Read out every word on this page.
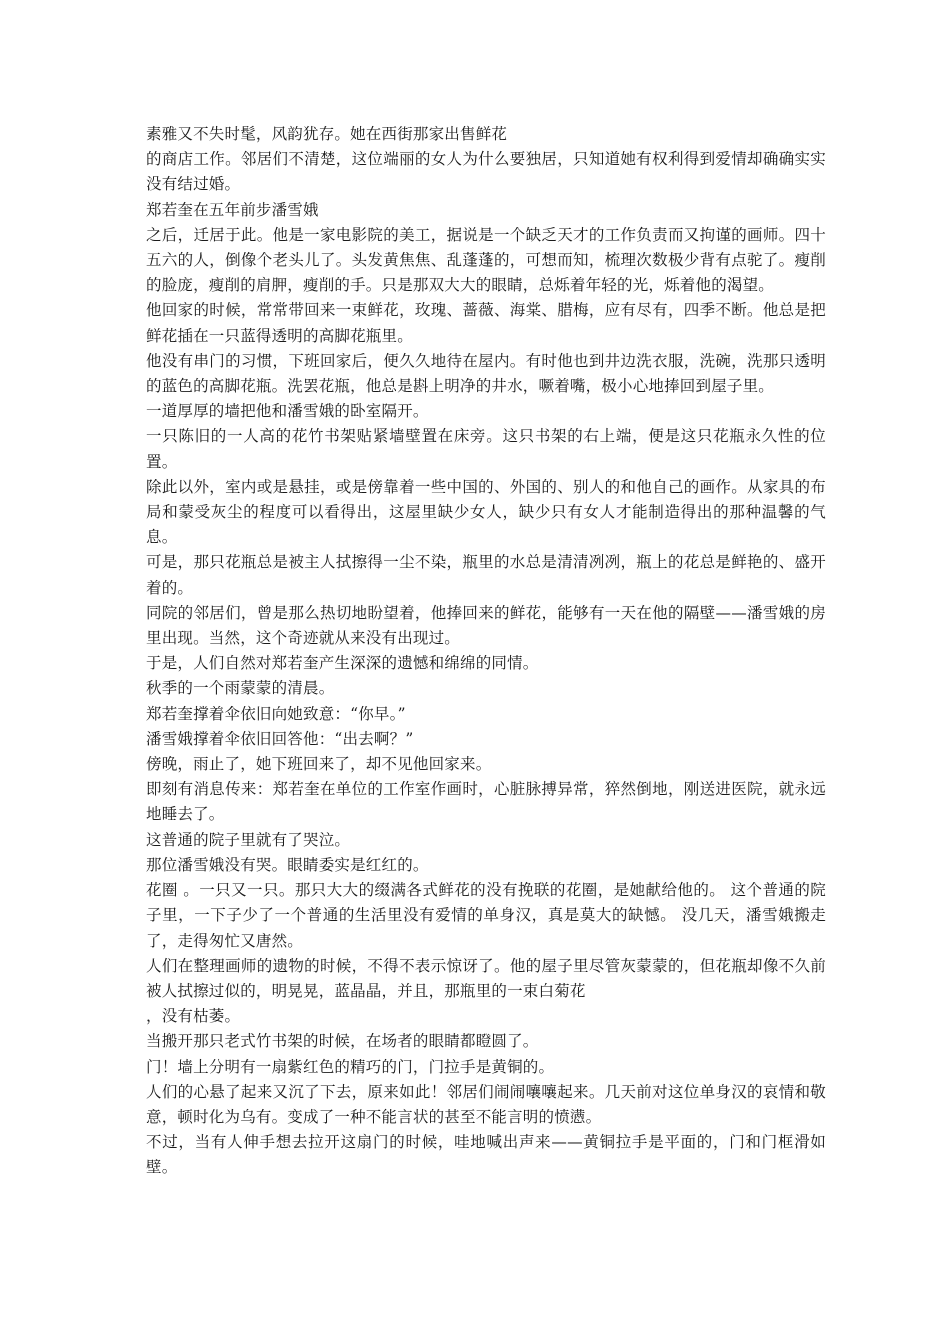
素雅又不失时髦，风韵犹存。她在西街那家出售鲜花

的商店工作。邻居们不清楚，这位端丽的女人为什么要独居，只知道她有权利得到爱情却确确实实没有结过婚。

郑若奎在五年前步潘雪娥

之后，迁居于此。他是一家电影院的美工，据说是一个缺乏天才的工作负责而又拘谨的画师。四十五六的人，倒像个老头儿了。头发黄焦焦、乱蓬蓬的，可想而知，梳理次数极少背有点驼了。瘦削的脸庞，瘦削的肩胛，瘦削的手。只是那双大大的眼睛，总烁着年轻的光，烁着他的渴望。

他回家的时候，常常带回来一束鲜花，玫瑰、蔷薇、海棠、腊梅，应有尽有，四季不断。他总是把鲜花插在一只蓝得透明的高脚花瓶里。

他没有串门的习惯，下班回家后，便久久地待在屋内。有时他也到井边洗衣服，洗碗，洗那只透明的蓝色的高脚花瓶。洗罢花瓶，他总是斟上明净的井水，噘着嘴，极小心地捧回到屋子里。

一道厚厚的墙把他和潘雪娥的卧室隔开。

一只陈旧的一人高的花竹书架贴紧墙壁置在床旁。这只书架的右上端，便是这只花瓶永久性的位置。

除此以外，室内或是悬挂，或是傍靠着一些中国的、外国的、别人的和他自己的画作。从家具的布局和蒙受灰尘的程度可以看得出，这屋里缺少女人，缺少只有女人才能制造得出的那种温馨的气息。

可是，那只花瓶总是被主人拭擦得一尘不染，瓶里的水总是清清冽冽，瓶上的花总是鲜艳的、盛开着的。

同院的邻居们，曾是那么热切地盼望着，他捧回来的鲜花，能够有一天在他的隔壁——潘雪娥的房里出现。当然，这个奇迹就从来没有出现过。

于是，人们自然对郑若奎产生深深的遗憾和绵绵的同情。

秋季的一个雨蒙蒙的清晨。

郑若奎撑着伞依旧向她致意：“你早。”

潘雪娥撑着伞依旧回答他：“出去啊？”

傍晚，雨止了，她下班回来了，却不见他回家来。

即刻有消息传来：郑若奎在单位的工作室作画时，心脏脉搏异常，猝然倒地，刚送进医院，就永远地睡去了。

这普通的院子里就有了哭泣。

那位潘雪娥没有哭。眼睛委实是红红的。

花圈 。一只又一只。那只大大的缀满各式鲜花的没有挽联的花圈，是她献给他的。 这个普通的院子里，一下子少了一个普通的生活里没有爱情的单身汉，真是莫大的缺憾。 没几天，潘雪娥搬走了，走得匆忙又唐然。

人们在整理画师的遗物的时候，不得不表示惊讶了。他的屋子里尽管灰蒙蒙的，但花瓶却像不久前被人拭擦过似的，明晃晃，蓝晶晶，并且，那瓶里的一束白菊花

，没有枯萎。

当搬开那只老式竹书架的时候，在场者的眼睛都瞪圆了。

门！墙上分明有一扇紫红色的精巧的门，门拉手是黄铜的。

人们的心悬了起来又沉了下去，原来如此！邻居们闹闹嚷嚷起来。几天前对这位单身汉的哀情和敬意，顿时化为乌有。变成了一种不能言状的甚至不能言明的愤懑。

不过，当有人伸手想去拉开这扇门的时候，哇地喊出声来——黄铜拉手是平面的，门和门框滑如壁。
